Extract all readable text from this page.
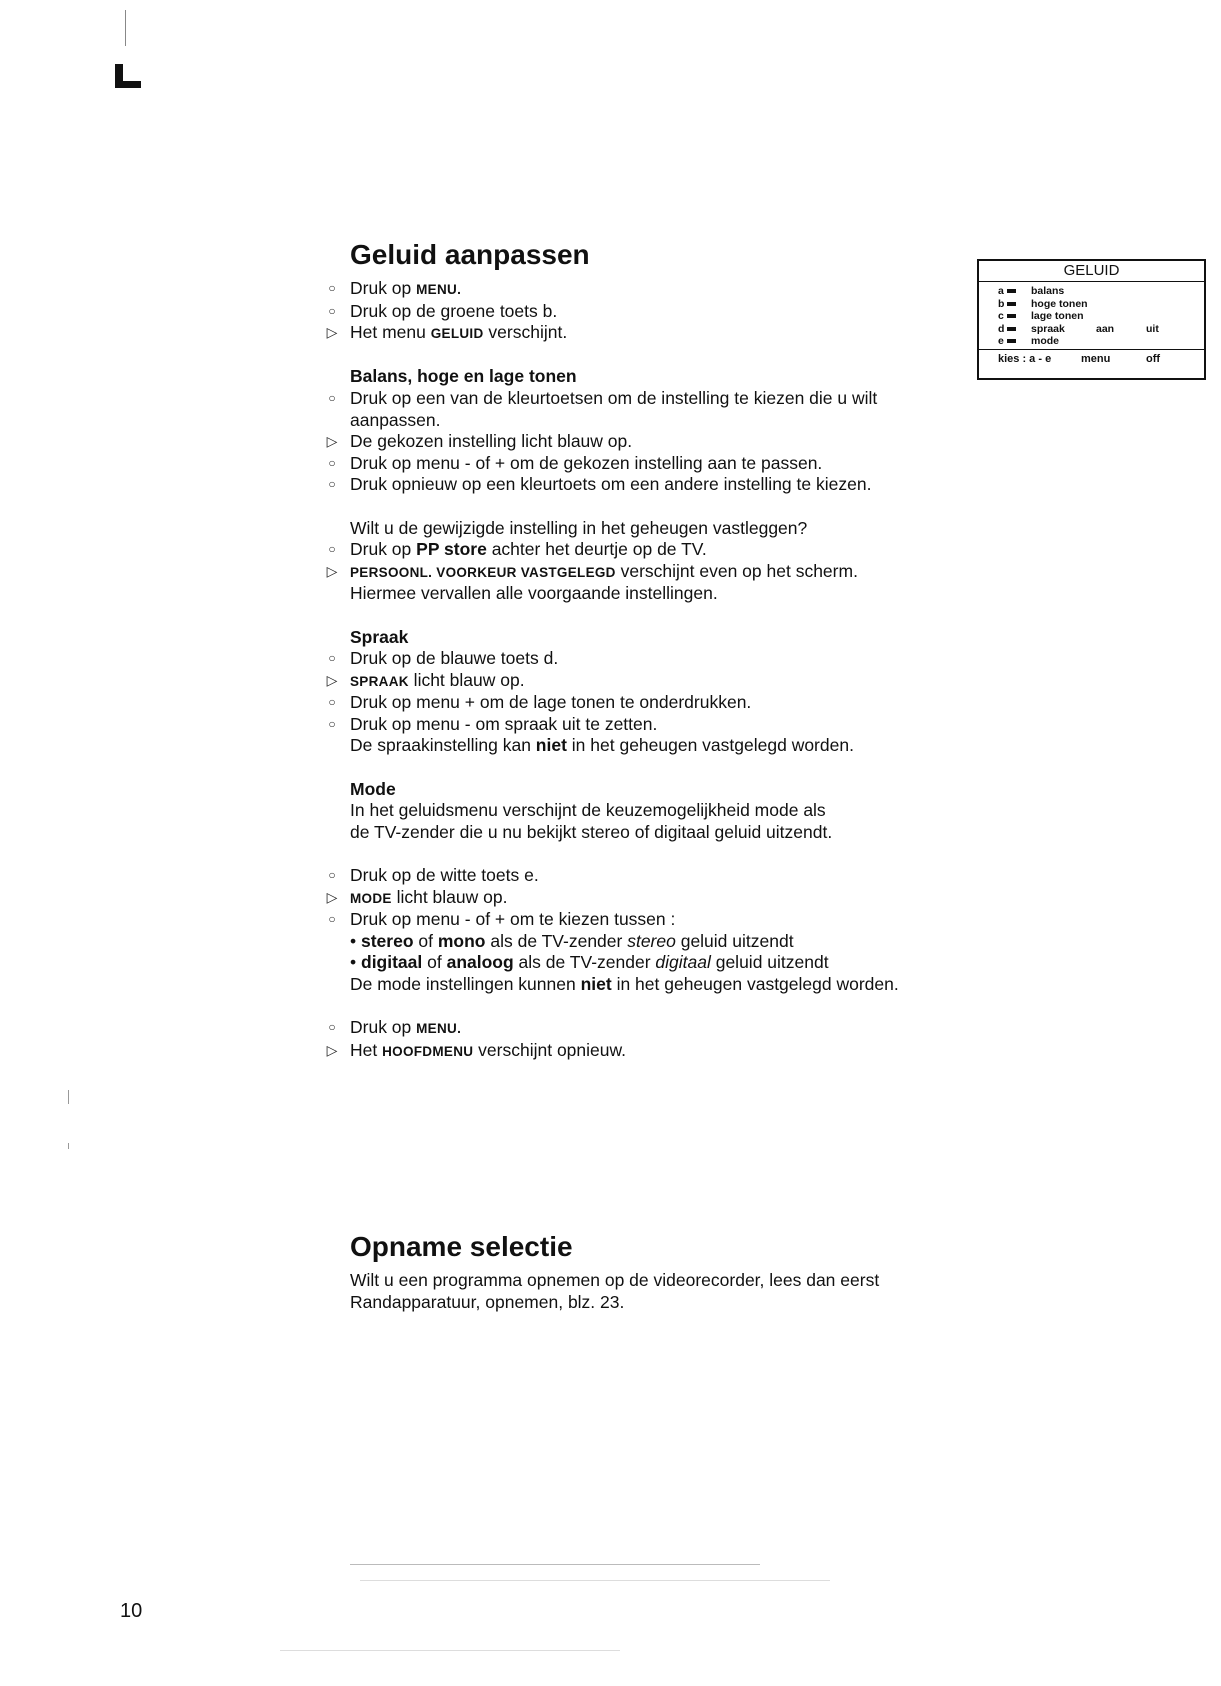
Geluid aanpassen
○ Druk op MENU.
○ Druk op de groene toets b.
▷ Het menu GELUID verschijnt.
Balans, hoge en lage tonen
○ Druk op een van de kleurtoetsen om de instelling te kiezen die u wilt
aanpassen.
▷ De gekozen instelling licht blauw op.
○ Druk op menu - of + om de gekozen instelling aan te passen.
○ Druk opnieuw op een kleurtoets om een andere instelling te kiezen.
Wilt u de gewijzigde instelling in het geheugen vastleggen?
○ Druk op PP store achter het deurtje op de TV.
▷ PERSOONL. VOORKEUR VASTGELEGD verschijnt even op het scherm.
Hiermee vervallen alle voorgaande instellingen.
Spraak
○ Druk op de blauwe toets d.
▷ SPRAAK licht blauw op.
○ Druk op menu + om de lage tonen te onderdrukken.
○ Druk op menu - om spraak uit te zetten.
De spraakinstelling kan niet in het geheugen vastgelegd worden.
Mode
In het geluidsmenu verschijnt de keuzemogelijkheid mode als
de TV-zender die u nu bekijkt stereo of digitaal geluid uitzendt.
○ Druk op de witte toets e.
▷ MODE licht blauw op.
○ Druk op menu - of + om te kiezen tussen :
• stereo of mono als de TV-zender stereo geluid uitzendt
• digitaal of analoog als de TV-zender digitaal geluid uitzendt
De mode instellingen kunnen niet in het geheugen vastgelegd worden.
○ Druk op MENU.
▷ Het HOOFDMENU verschijnt opnieuw.
GELUID
a	balans
b	hoge tonen
c	lage tonen
d	spraak	aan	uit
e	mode
kies : a - e	menu	off
Opname selectie
Wilt u een programma opnemen op de videorecorder, lees dan eerst
Randapparatuur, opnemen, blz. 23.
10
